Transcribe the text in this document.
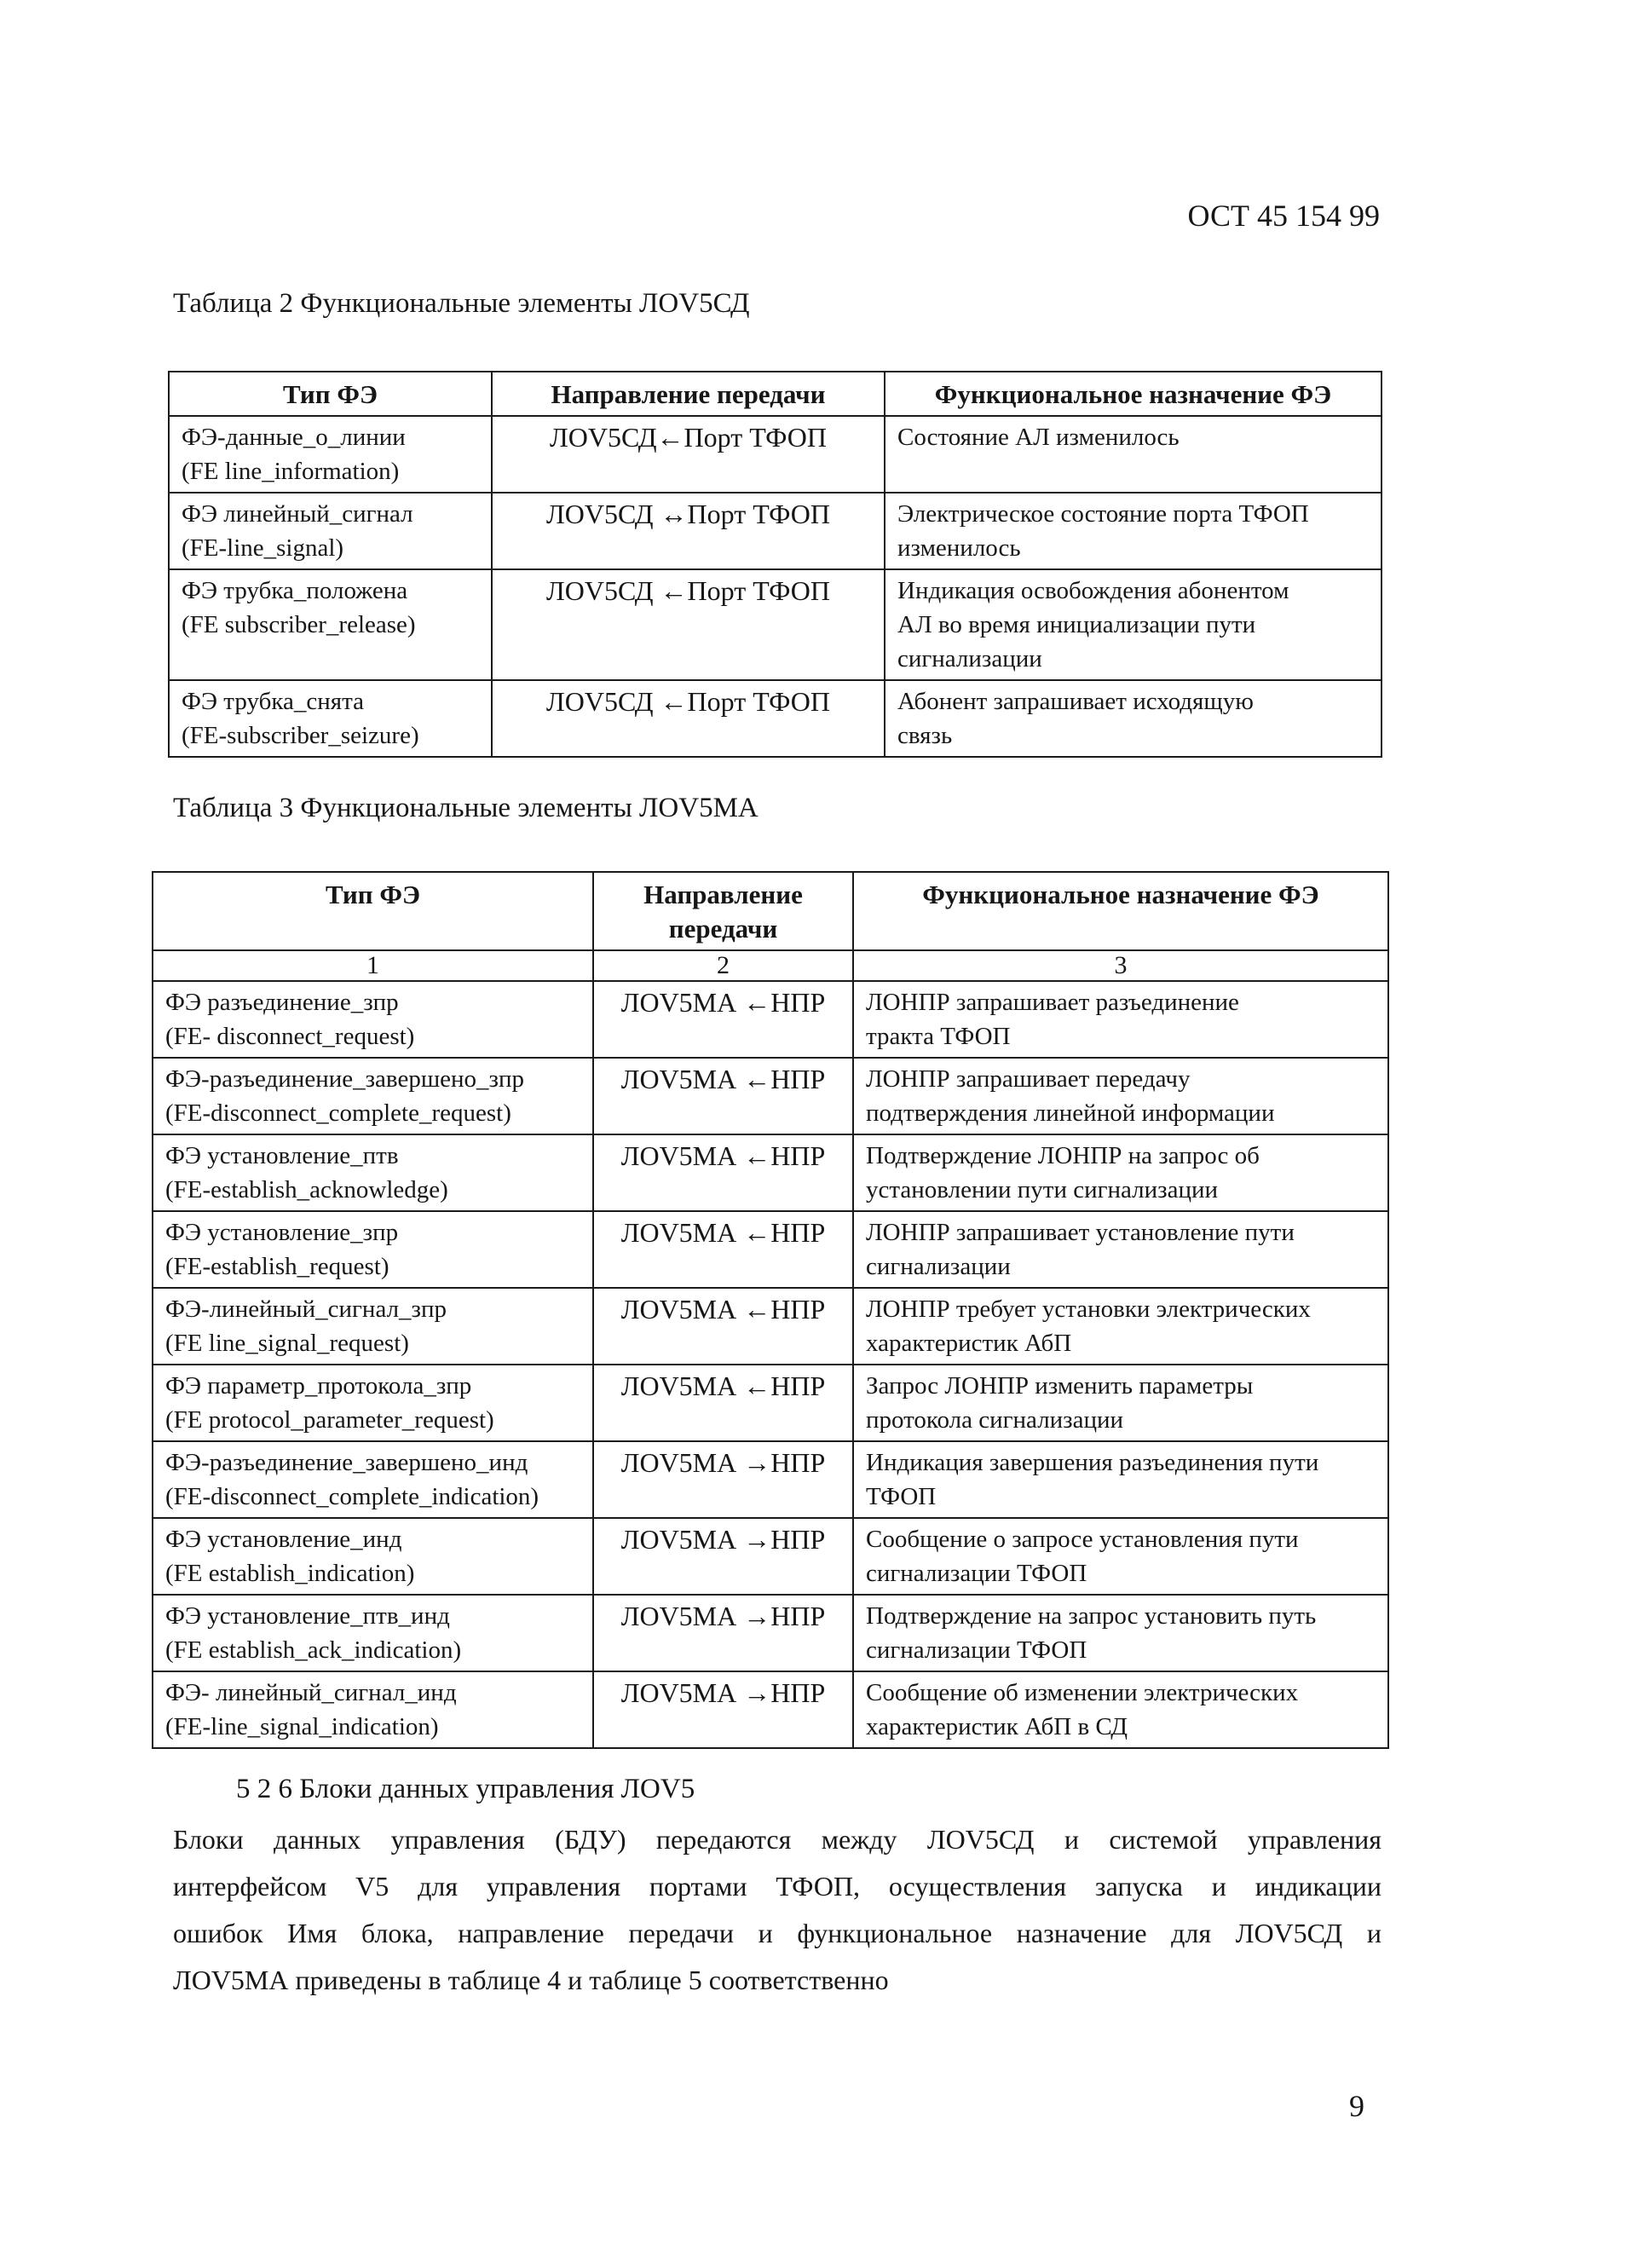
ОСТ 45 154 99
Таблица 2 Функциональные элементы ЛОV5СД
Тип ФЭ	Направление передачи	Функциональное назначение ФЭ

ФЭ-данные_о_линии
(FE line_information)	ЛОV5СД←Порт ТФОП	Состояние АЛ изменилось

ФЭ линейный_сигнал
(FE-line_signal)	ЛОV5СД ↔Порт ТФОП	Электрическое состояние порта ТФОП
изменилось

ФЭ трубка_положена
(FE subscriber_release)	ЛОV5СД ←Порт ТФОП	Индикация освобождения абонентом
АЛ во время инициализации пути
сигнализации

ФЭ трубка_снята
(FE-subscriber_seizure)	ЛОV5СД ←Порт ТФОП	Абонент запрашивает исходящую
связь
Таблица 3 Функциональные элементы ЛОV5МА
Тип ФЭ	Направление передачи	Функциональное назначение ФЭ
1	2	3

ФЭ разъединение_зпр
(FE- disconnect_request)	ЛОV5МА ←НПР	ЛОНПР запрашивает разъединение
тракта ТФОП

ФЭ-разъединение_завершено_зпр
(FE-disconnect_complete_request)	ЛОV5МА ←НПР	ЛОНПР запрашивает передачу
подтверждения линейной информации

ФЭ установление_птв
(FE-establish_acknowledge)	ЛОV5МА ←НПР	Подтверждение ЛОНПР на запрос об
установлении пути сигнализации

ФЭ установление_зпр
(FE-establish_request)	ЛОV5МА ←НПР	ЛОНПР запрашивает установление пути
сигнализации

ФЭ-линейный_сигнал_зпр
(FE line_signal_request)	ЛОV5МА ←НПР	ЛОНПР требует установки электрических
характеристик АбП

ФЭ параметр_протокола_зпр
(FE protocol_parameter_request)	ЛОV5МА ←НПР	Запрос ЛОНПР изменить параметры
протокола сигнализации

ФЭ-разъединение_завершено_инд
(FE-disconnect_complete_indication)	ЛОV5МА →НПР	Индикация завершения разъединения пути
ТФОП

ФЭ установление_инд
(FE establish_indication)	ЛОV5МА →НПР	Сообщение о запросе установления пути
сигнализации ТФОП

ФЭ установление_птв_инд
(FE establish_ack_indication)	ЛОV5МА →НПР	Подтверждение на запрос установить путь
сигнализации ТФОП

ФЭ- линейный_сигнал_инд
(FE-line_signal_indication)	ЛОV5МА →НПР	Сообщение об изменении электрических
характеристик АбП в СД
5 2 6 Блоки данных управления ЛОV5
Блоки данных управления (БДУ) передаются между ЛОV5СД и системой управления
интерфейсом V5 для управления портами ТФОП, осуществления запуска и индикации
ошибок Имя блока, направление передачи и функциональное назначение для ЛОV5СД и
ЛОV5МА приведены в таблице 4 и таблице 5 соответственно
9
